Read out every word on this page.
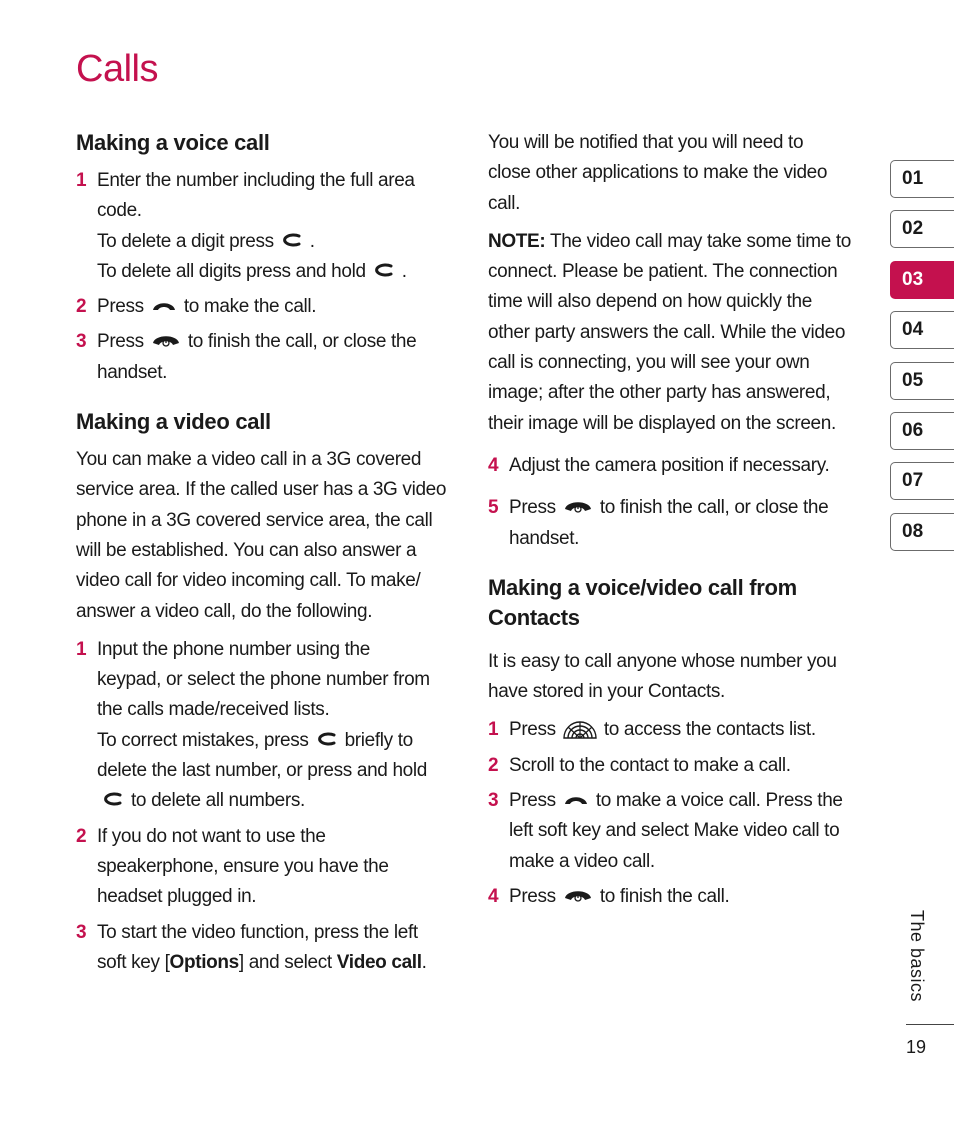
Calls
Making a voice call
1 Enter the number including the full area
code.
To delete a digit press .
To delete all digits press and hold .
2 Press to make the call.
3 Press to finish the call, or close the
handset.
Making a video call
You can make a video call in a 3G covered
service area. If the called user has a 3G video
phone in a 3G covered service area, the call
will be established. You can also answer a
video call for video incoming call. To make/
answer a video call, do the following.
1 Input the phone number using the
keypad, or select the phone number from
the calls made/received lists.
To correct mistakes, press briefly to
delete the last number, or press and hold
to delete all numbers.
2 If you do not want to use the
speakerphone, ensure you have the
headset plugged in.
3 To start the video function, press the left
soft key [Options] and select Video call.
You will be notified that you will need to
close other applications to make the video
call.
NOTE: The video call may take some time to
connect. Please be patient. The connection
time will also depend on how quickly the
other party answers the call. While the video
call is connecting, you will see your own
image; after the other party has answered,
their image will be displayed on the screen.
4 Adjust the camera position if necessary.
5 Press to finish the call, or close the
handset.
Making a voice/video call from
Contacts
It is easy to call anyone whose number you
have stored in your Contacts.
1 Press	to access the contacts list.
2 Scroll to the contact to make a call.
3 Press to make a voice call. Press the
left soft key and select Make video call to
make a video call.
4 Press to finish the call.
01
02
03
04
05
06
07
08
The basics
19
